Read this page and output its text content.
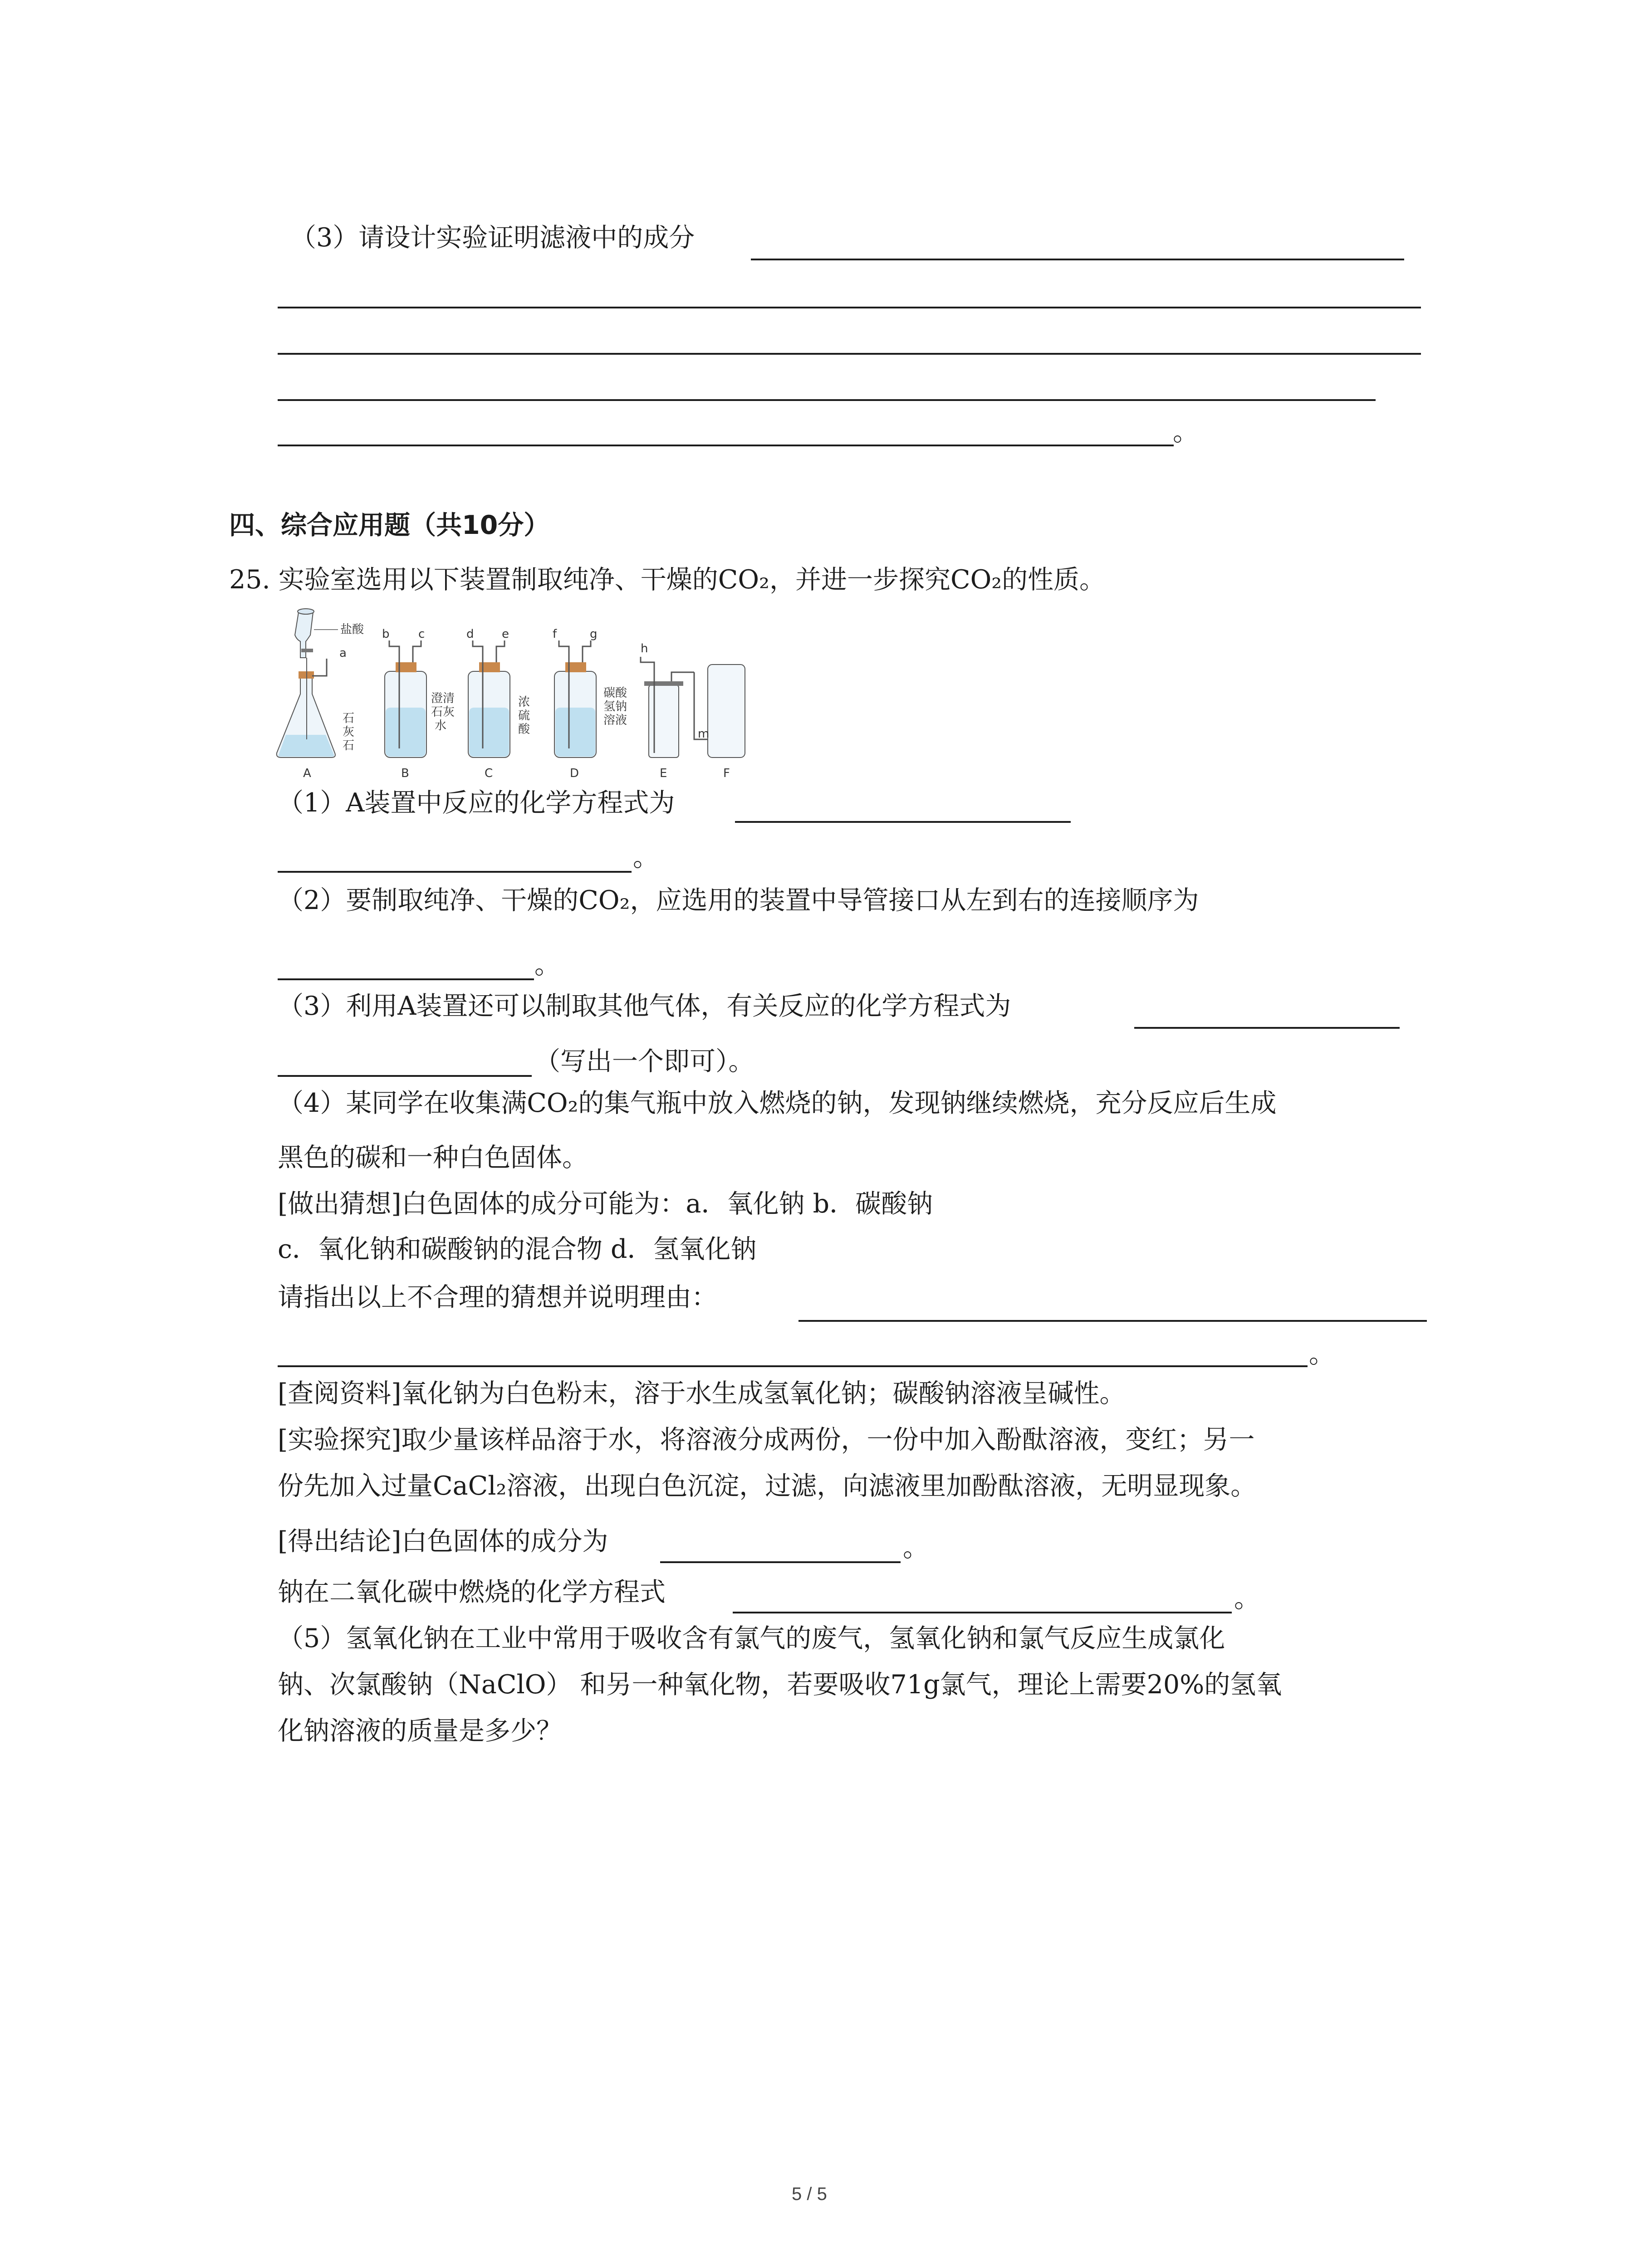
（3）请设计实验证明滤液中的成分
。
四、综合应用题（共10分）
25. 实验室选用以下装置制取纯净、干燥的CO₂，并进一步探究CO₂的性质。
盐酸
a
石
灰
石
b c
澄清
石灰
水
d e
浓
硫
酸
f	g
碳酸
氢钠
溶液
h
m
A	B	C	D	E	F
（1）A装置中反应的化学方程式为
。
（2）要制取纯净、干燥的CO₂，应选用的装置中导管接口从左到右的连接顺序为
。
（3）利用A装置还可以制取其他气体，有关反应的化学方程式为
（写出一个即可）。
（4）某同学在收集满CO₂的集气瓶中放入燃烧的钠，发现钠继续燃烧，充分反应后生成
黑色的碳和一种白色固体。
[做出猜想]白色固体的成分可能为：a．氧化钠 b．碳酸钠
c．氧化钠和碳酸钠的混合物 d．氢氧化钠
请指出以上不合理的猜想并说明理由：
。
[查阅资料]氧化钠为白色粉末，溶于水生成氢氧化钠；碳酸钠溶液呈碱性。
[实验探究]取少量该样品溶于水，将溶液分成两份，一份中加入酚酞溶液，变红；另一
份先加入过量CaCl₂溶液，出现白色沉淀，过滤，向滤液里加酚酞溶液，无明显现象。
[得出结论]白色固体的成分为	。
钠在二氧化碳中燃烧的化学方程式	。
（5）氢氧化钠在工业中常用于吸收含有氯气的废气，氢氧化钠和氯气反应生成氯化
钠、次氯酸钠（NaClO） 和另一种氧化物，若要吸收71g氯气，理论上需要20%的氢氧
化钠溶液的质量是多少？
5 / 5
